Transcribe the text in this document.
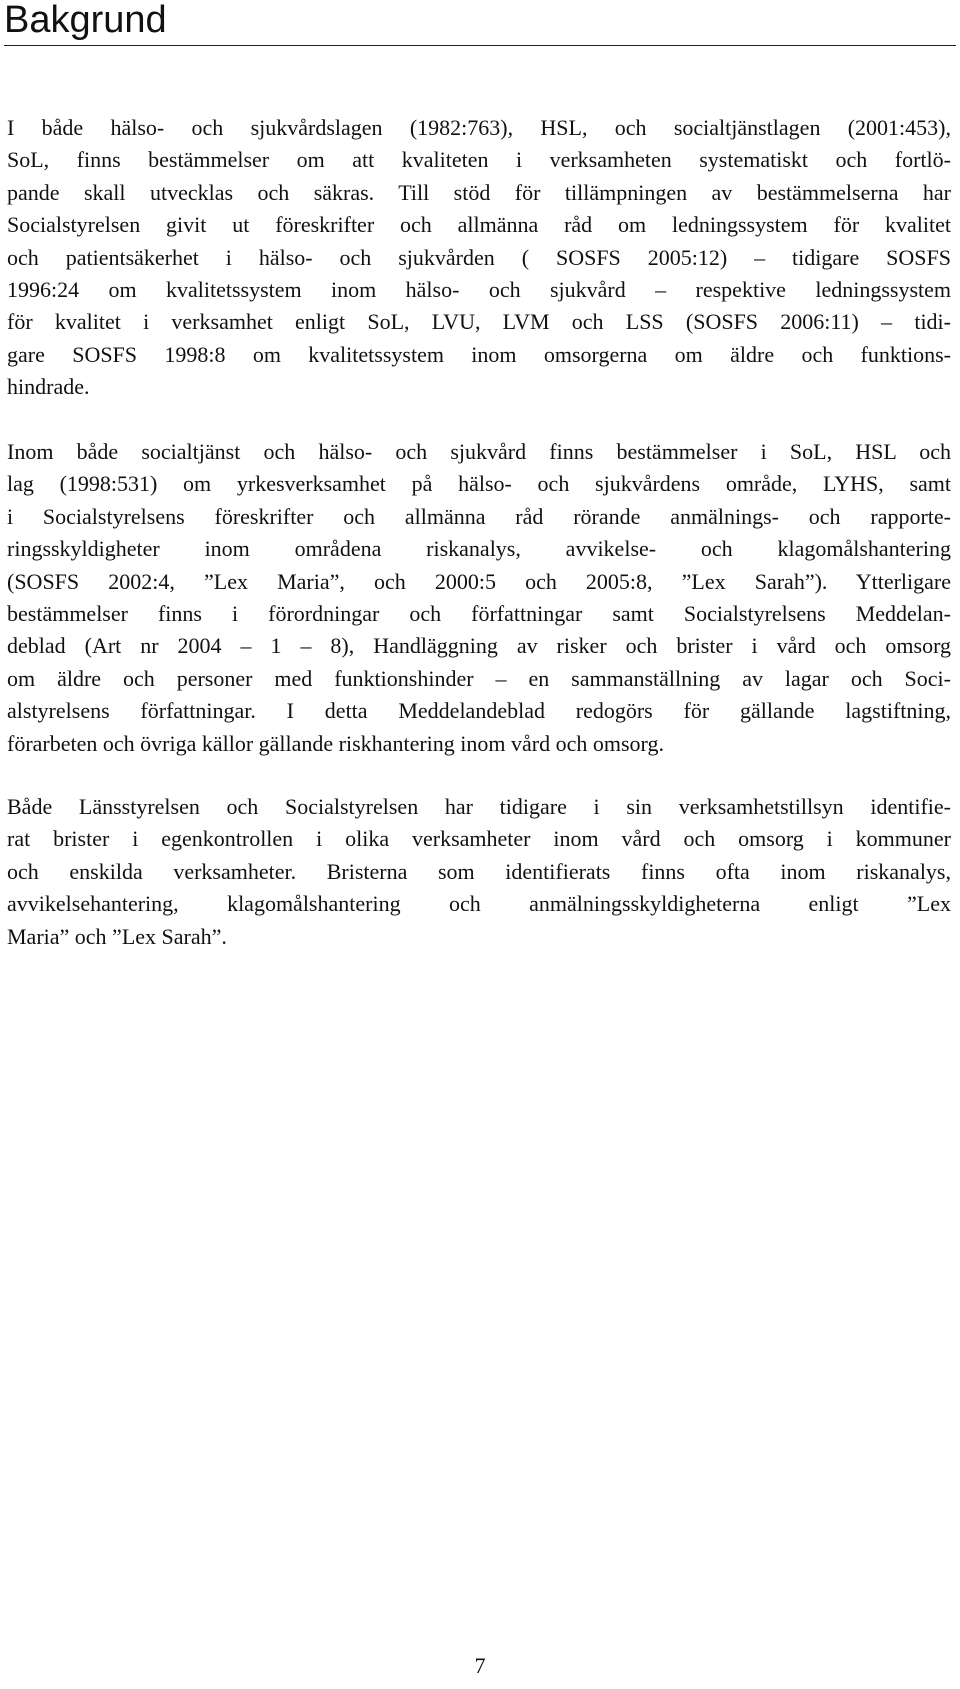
Bakgrund
I både hälso- och sjukvårdslagen (1982:763), HSL, och socialtjänstlagen (2001:453),
SoL, finns bestämmelser om att kvaliteten i verksamheten systematiskt och fortlö-
pande skall utvecklas och säkras. Till stöd för tillämpningen av bestämmelserna har
Socialstyrelsen givit ut föreskrifter och allmänna råd om ledningssystem för kvalitet
och patientsäkerhet i hälso- och sjukvården ( SOSFS 2005:12) – tidigare SOSFS
1996:24 om kvalitetssystem inom hälso- och sjukvård – respektive ledningssystem
för kvalitet i verksamhet enligt SoL, LVU, LVM och LSS (SOSFS 2006:11) – tidi-
gare SOSFS 1998:8 om kvalitetssystem inom omsorgerna om äldre och funktions-
hindrade.
Inom både socialtjänst och hälso- och sjukvård finns bestämmelser i SoL, HSL och
lag (1998:531) om yrkesverksamhet på hälso- och sjukvårdens område, LYHS, samt
i Socialstyrelsens föreskrifter och allmänna råd rörande anmälnings- och rapporte-
ringsskyldigheter inom områdena riskanalys, avvikelse- och klagomålshantering
(SOSFS 2002:4, ”Lex Maria”, och 2000:5 och 2005:8, ”Lex Sarah”). Ytterligare
bestämmelser finns i förordningar och författningar samt Socialstyrelsens Meddelan-
deblad (Art nr 2004 – 1 – 8), Handläggning av risker och brister i vård och omsorg
om äldre och personer med funktionshinder – en sammanställning av lagar och Soci-
alstyrelsens författningar. I detta Meddelandeblad redogörs för gällande lagstiftning,
förarbeten och övriga källor gällande riskhantering inom vård och omsorg.
Både Länsstyrelsen och Socialstyrelsen har tidigare i sin verksamhetstillsyn identifie-
rat brister i egenkontrollen i olika verksamheter inom vård och omsorg i kommuner
och enskilda verksamheter. Bristerna som identifierats finns ofta inom riskanalys,
avvikelsehantering, klagomålshantering och anmälningsskyldigheterna enligt ”Lex
Maria” och ”Lex Sarah”.

7
